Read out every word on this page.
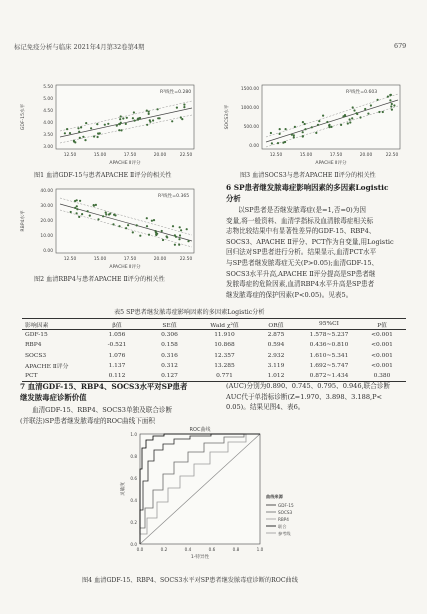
标记免疫分析与临床 2021年4月第32卷第4期	679
5.50
5.00
4.50
4.00
3.50
3.00
12.50	15.00	17.50	20.00	22.50
APACHE Ⅱ评分
GDF-15水平
R²线性=0.280
图1 血清GDF-15与患者APACHE Ⅱ评分的相关性
40.00
30.00
20.00
10.00
0.00
12.50	15.00	17.50	20.00	22.50
APACHE Ⅱ评分
RBP4水平
R²线性=0.365
图2 血清RBP4与患者APACHE Ⅱ评分的相关性
1500.00
1000.00
500.00
0.00
12.50	15.00	17.50	20.00	22.50
APACHE Ⅱ评分
SOCS3水平
R²线性=0.603
图3 血清SOCS3与患者APACHE Ⅱ评分的相关性
6 SP患者继发脓毒症影响因素的多因素Logistic
分析
以SP患者是否继发脓毒症(是=1,否=0)为因
变量,将一般资料、血清学指标及血清脓毒症相关标
志物比较结果中有显著性差异的GDF-15、RBP4、
SOCS3、APACHE Ⅱ评分、PCT作为自变量,用Logistic
回归法对SP患者进行分析。结果显示,血清PCT水平
与SP患者继发脓毒症无关(P>0.05);血清GDF-15、
SOCS3水平升高,APACHE Ⅱ评分提高是SP患者继
发脓毒症的危险因素,血清RBP4水平升高是SP患者
继发脓毒症的保护因素(P<0.05)。见表5。
表5 SP患者继发脓毒症影响因素的多因素Logistic分析
影响因素	β值	SE值	Wald χ²值	OR值	95%CI	P值
GDF-15	1.056	0.306	11.910	2.875	1.578~5.237	<0.001
RBP4	-0.521	0.158	10.868	0.594	0.436~0.810	<0.001
SOCS3	1.076	0.316	12.357	2.932	1.610~5.341	<0.001
APACHE Ⅱ评分	1.137	0.312	13.285	3.119	1.692~5.747	<0.001
PCT	0.112	0.127	0.771	1.012	0.872~1.434	0.380
7 血清GDF-15、RBP4、SOCS3水平对SP患者
继发脓毒症诊断价值
血清GDF-15、RBP4、SOCS3单独及联合诊断
(并联法)SP患者继发脓毒症的ROC曲线下面积
(AUC)分别为0.890、0.745、0.795、0.946,联合诊断
AUC代于单指标诊断(Z=1.970、3.898、3.188,P<
0.05)。结果见图4、表6。
ROC曲线
1.0
0.8
0.6
0.4
0.2
0.0
0.0	0.2	0.4	0.6	0.8	1.0
1-特异性
灵敏度
曲线来源
GDF-15
SOCS3
RBP4
联合
参考线
图4 血清GDF-15、RBP4、SOCS3水平对SP患者继发脓毒症诊断的ROC曲线
